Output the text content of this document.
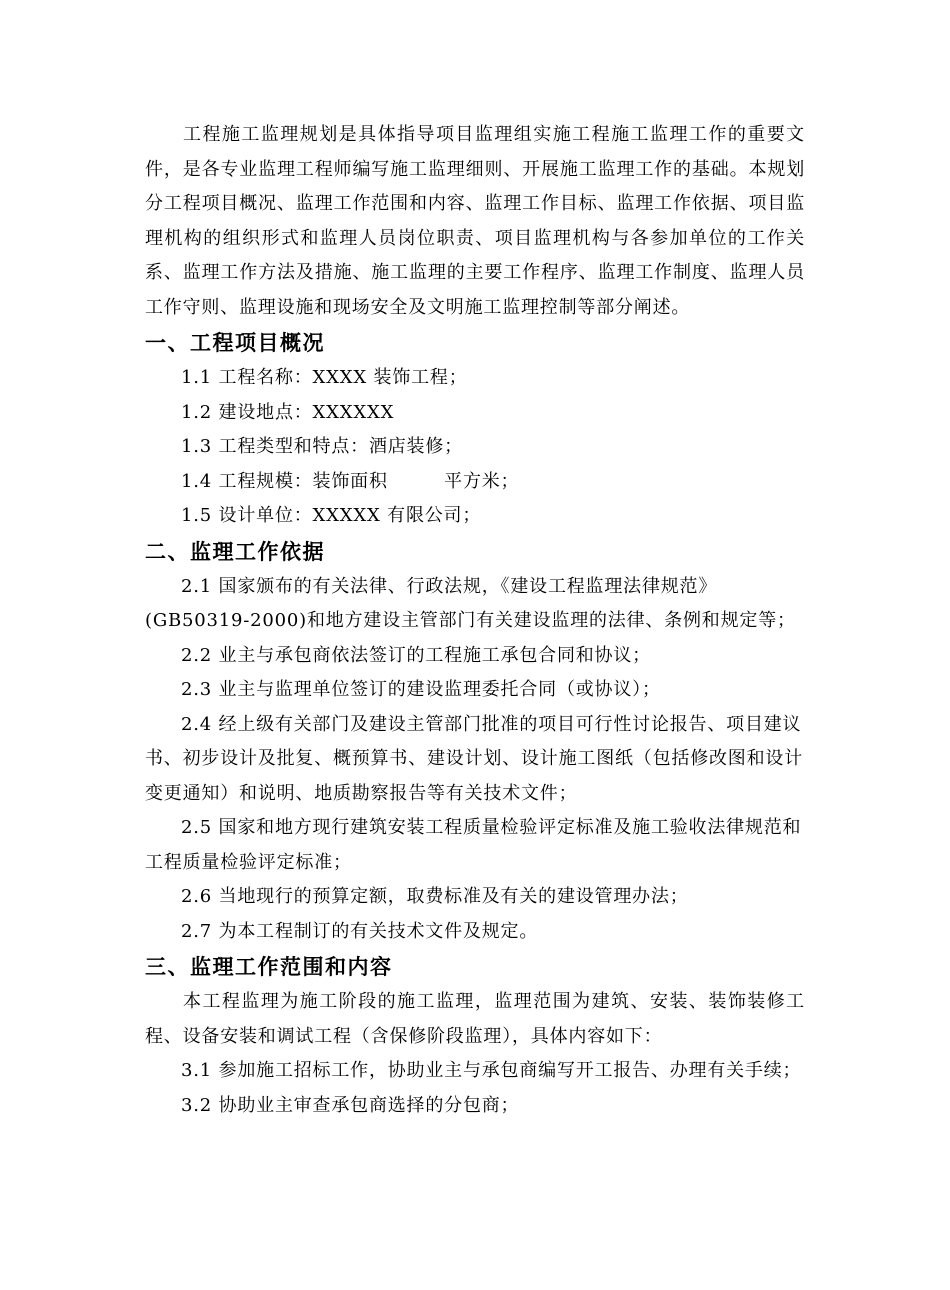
工程施工监理规划是具体指导项目监理组实施工程施工监理工作的重要文件，是各专业监理工程师编写施工监理细则、开展施工监理工作的基础。本规划分工程项目概况、监理工作范围和内容、监理工作目标、监理工作依据、项目监理机构的组织形式和监理人员岗位职责、项目监理机构与各参加单位的工作关系、监理工作方法及措施、施工监理的主要工作程序、监理工作制度、监理人员工作守则、监理设施和现场安全及文明施工监理控制等部分阐述。

一、工程项目概况

1.1 工程名称：XXXX 装饰工程；

1.2 建设地点：XXXXXX

1.3 工程类型和特点：酒店装修；

1.4 工程规模：装饰面积　　　平方米；

1.5 设计单位：XXXXX 有限公司；

二、监理工作依据

2.1 国家颁布的有关法律、行政法规，《建设工程监理法律规范》(GB50319-2000)和地方建设主管部门有关建设监理的法律、条例和规定等；

2.2 业主与承包商依法签订的工程施工承包合同和协议；

2.3 业主与监理单位签订的建设监理委托合同（或协议）；

2.4 经上级有关部门及建设主管部门批准的项目可行性讨论报告、项目建议书、初步设计及批复、概预算书、建设计划、设计施工图纸（包括修改图和设计变更通知）和说明、地质勘察报告等有关技术文件；

2.5 国家和地方现行建筑安装工程质量检验评定标准及施工验收法律规范和工程质量检验评定标准；

2.6 当地现行的预算定额，取费标准及有关的建设管理办法；

2.7 为本工程制订的有关技术文件及规定。

三、监理工作范围和内容

本工程监理为施工阶段的施工监理，监理范围为建筑、安装、装饰装修工程、设备安装和调试工程（含保修阶段监理），具体内容如下：

3.1 参加施工招标工作，协助业主与承包商编写开工报告、办理有关手续；

3.2 协助业主审查承包商选择的分包商；
